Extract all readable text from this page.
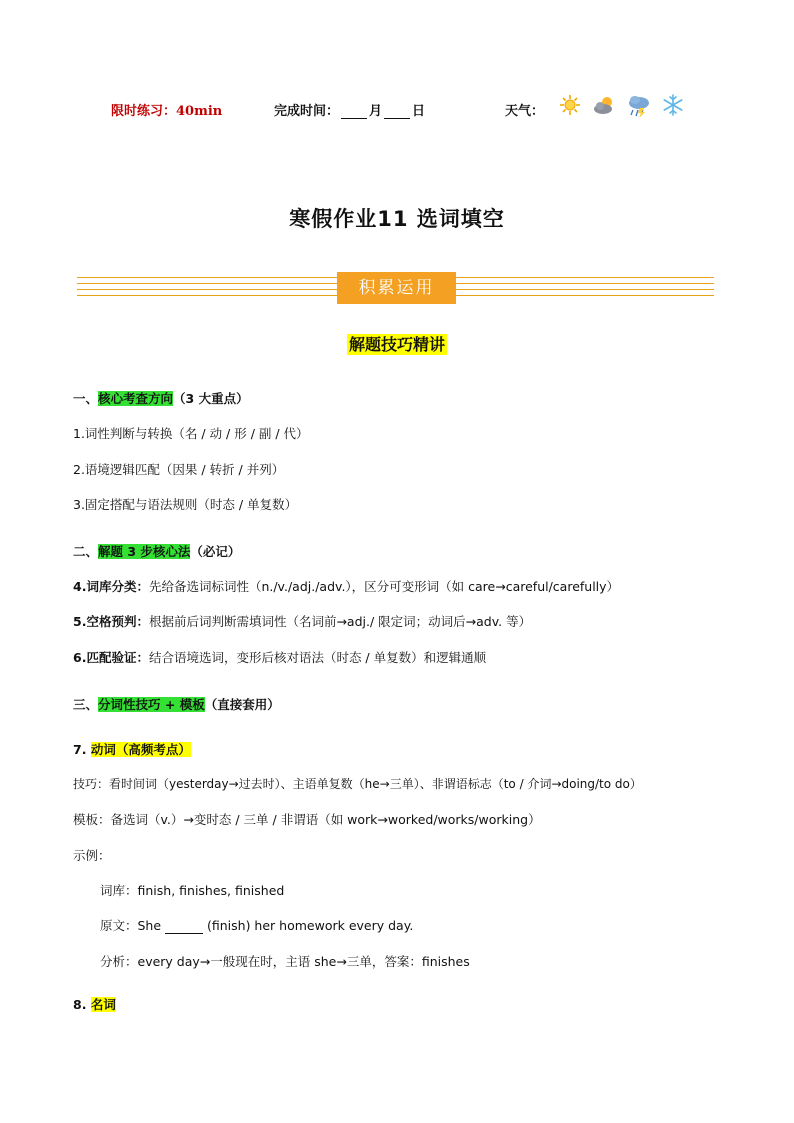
限时练习：40min	完成时间： 月 日	天气：
寒假作业11 选词填空
积累运用
解题技巧精讲
一、核心考查方向（3 大重点）
1.词性判断与转换（名 / 动 / 形 / 副 / 代）
2.语境逻辑匹配（因果 / 转折 / 并列）
3.固定搭配与语法规则（时态 / 单复数）
二、解题 3 步核心法（必记）
4.词库分类：先给备选词标词性（n./v./adj./adv.），区分可变形词（如 care→careful/carefully）
5.空格预判：根据前后词判断需填词性（名词前→adj./ 限定词；动词后→adv. 等）
6.匹配验证：结合语境选词，变形后核对语法（时态 / 单复数）和逻辑通顺
三、分词性技巧 + 模板（直接套用）
7. 动词（高频考点）
技巧：看时间词（yesterday→过去时）、主语单复数（he→三单）、非谓语标志（to / 介词→doing/to do）
模板：备选词（v.）→变时态 / 三单 / 非谓语（如 work→worked/works/working）
示例：
词库：finish, finishes, finished
原文：She	(finish) her homework every day.
分析：every day→一般现在时，主语 she→三单，答案：finishes
8. 名词
